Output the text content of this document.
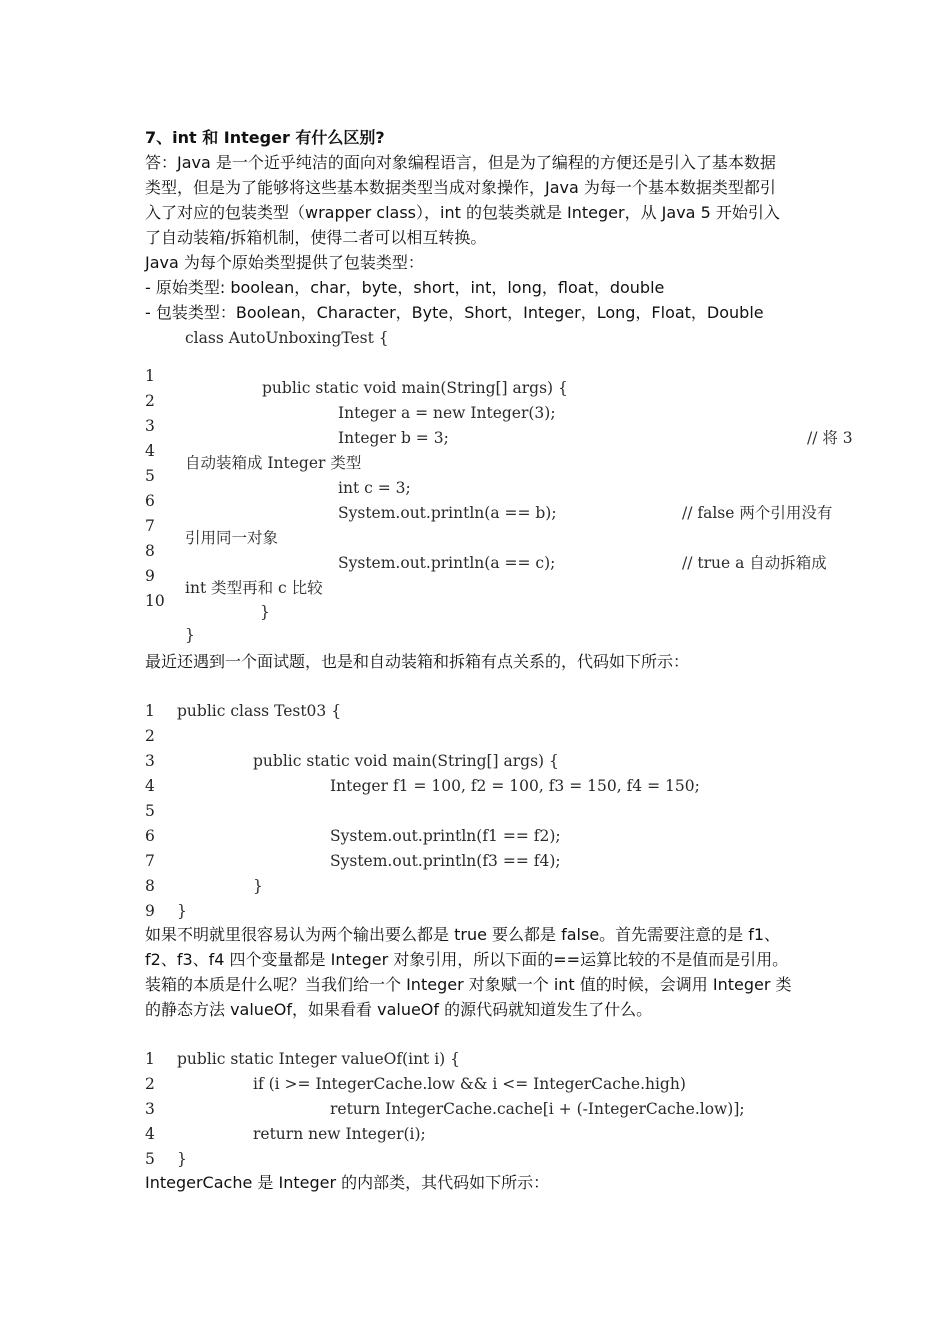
7、int 和 Integer 有什么区别?
答：Java 是一个近乎纯洁的面向对象编程语言，但是为了编程的方便还是引入了基本数据
类型，但是为了能够将这些基本数据类型当成对象操作，Java 为每一个基本数据类型都引
入了对应的包装类型（wrapper class），int 的包装类就是 Integer，从 Java 5 开始引入
了自动装箱/拆箱机制，使得二者可以相互转换。
Java 为每个原始类型提供了包装类型：
- 原始类型: boolean，char，byte，short，int，long，float，double
- 包装类型：Boolean，Character，Byte，Short，Integer，Long，Float，Double
class AutoUnboxingTest {
1
2
3
4
5
6
7
8
9
10
public static void main(String[] args) {
Integer a = new Integer(3);
Integer b = 3;	// 将 3
自动装箱成 Integer 类型
int c = 3;
System.out.println(a == b);	// false 两个引用没有
引用同一对象
System.out.println(a == c);	// true a 自动拆箱成
int 类型再和 c 比较
}
}
最近还遇到一个面试题，也是和自动装箱和拆箱有点关系的，代码如下所示：
1
2
3
4
5
6
7
8
9
public class Test03 {
public static void main(String[] args) {
Integer f1 = 100, f2 = 100, f3 = 150, f4 = 150;
System.out.println(f1 == f2);
System.out.println(f3 == f4);
}
}
如果不明就里很容易认为两个输出要么都是 true 要么都是 false。首先需要注意的是 f1、
f2、f3、f4 四个变量都是 Integer 对象引用，所以下面的==运算比较的不是值而是引用。
装箱的本质是什么呢？当我们给一个 Integer 对象赋一个 int 值的时候，会调用 Integer 类
的静态方法 valueOf，如果看看 valueOf 的源代码就知道发生了什么。
1
2
3
4
5
public static Integer valueOf(int i) {
if (i >= IntegerCache.low && i <= IntegerCache.high)
return IntegerCache.cache[i + (-IntegerCache.low)];
return new Integer(i);
}
IntegerCache 是 Integer 的内部类，其代码如下所示：
